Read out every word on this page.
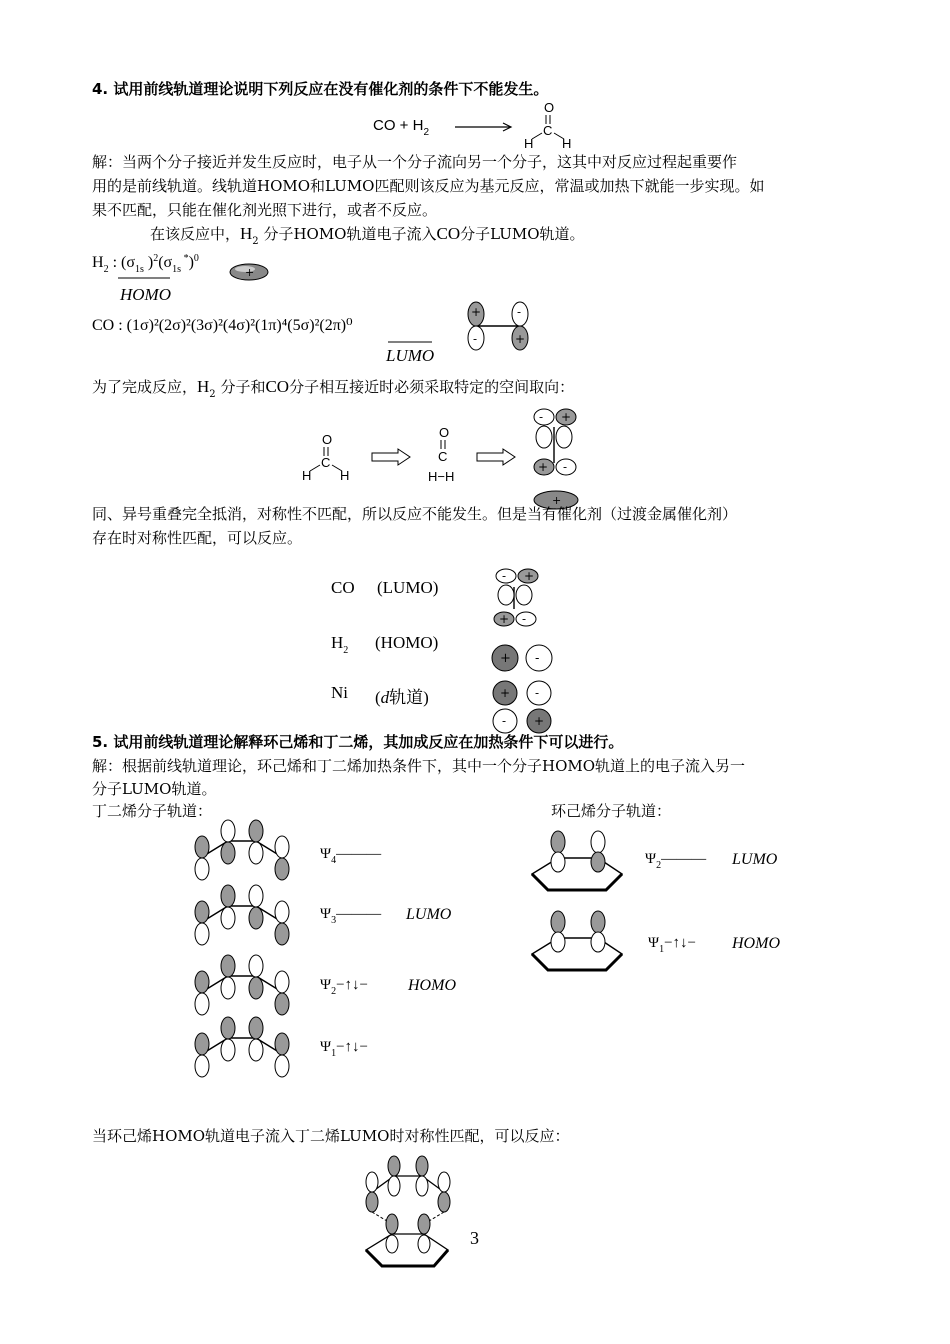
4. 试用前线轨道理论说明下列反应在没有催化剂的条件下不能发生。
CO + $H_2$
O
C
H H
解：当两个分子接近并发生反应时，电子从一个分子流向另一个分子，这其中对反应过程起重要作
用的是前线轨道。线轨道HOMO和LUMO匹配则该反应为基元反应，常温或加热下就能一步实现。如
果不匹配，只能在催化剂光照下进行，或者不反应。
在该反应中，$H_2$ 分子HOMO轨道电子流入CO分子LUMO轨道。
$H_2$ : ($\sigma_{1s}$ )$^2(\sigma_{1s}$ *)$^0$
HOMO
+
CO : (1σ)²(2σ)²(3σ)²(4σ)²(1π)⁴(5σ)²(2π)⁰
LUMO
+
-
-
+
为了完成反应，$H_2$ 分子和CO分子相互接近时必须采取特定的空间取向：
O
C
H H
O
C
H−H
- +
+ -
+
同、异号重叠完全抵消，对称性不匹配，所以反应不能发生。但是当有催化剂（过渡金属催化剂）
存在时对称性匹配，可以反应。
CO (LUMO)
- +
+ -
$H_2$ (HOMO)
+ -
Ni (d轨道)	+ -
- +
5. 试用前线轨道理论解释环己烯和丁二烯，其加成反应在加热条件下可以进行。
解：根据前线轨道理论，环己烯和丁二烯加热条件下，其中一个分子HOMO轨道上的电子流入另一
分子LUMO轨道。
丁二烯分子轨道：	环己烯分子轨道：
$\Psi_4———$
$\Psi_3———$ LUMO
$\Psi_2-↑↓-$	HOMO
$\Psi_1-↑↓-$
$\Psi_2———$ LUMO
$\Psi_1-↑↓-$ HOMO
当环己烯HOMO轨道电子流入丁二烯LUMO时对称性匹配，可以反应：
3
